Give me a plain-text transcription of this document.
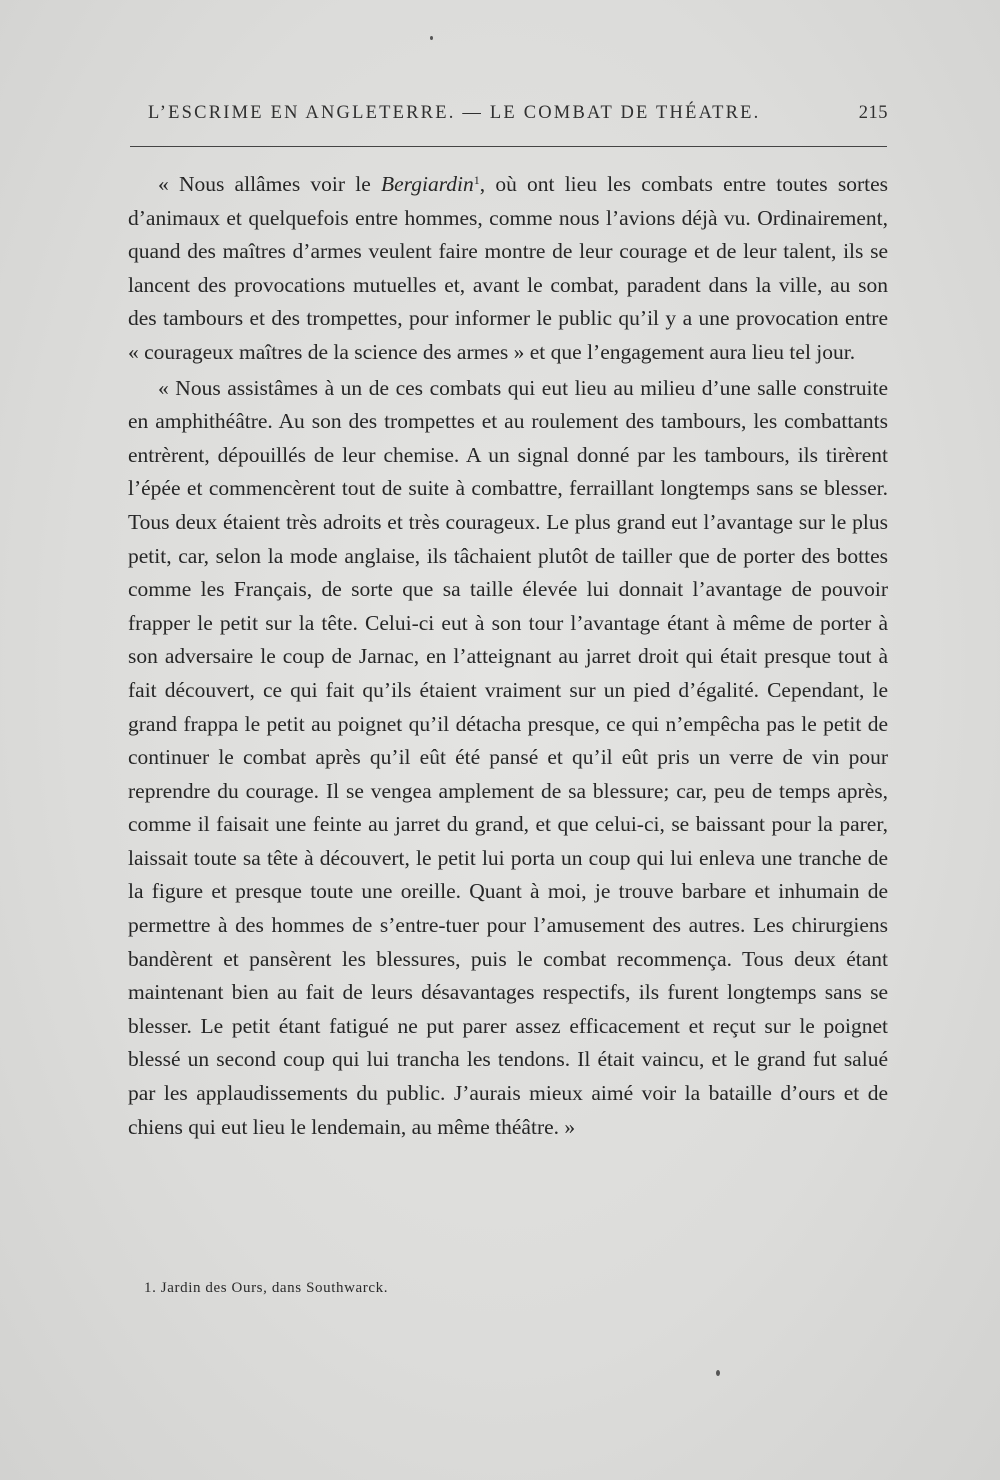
L’ESCRIME EN ANGLETERRE. — LE COMBAT DE THÉATRE.	215

« Nous allâmes voir le Bergiardin$^1$, où ont lieu les combats entre toutes sortes d’animaux et quelquefois entre hommes, comme nous l’avions déjà vu. Ordinairement, quand des maîtres d’armes veulent faire montre de leur courage et de leur talent, ils se lancent des provocations mutuelles et, avant le combat, paradent dans la ville, au son des tambours et des trompettes, pour informer le public qu’il y a une provocation entre « courageux maîtres de la science des armes » et que l’engagement aura lieu tel jour.

« Nous assistâmes à un de ces combats qui eut lieu au milieu d’une salle construite en amphithéâtre. Au son des trompettes et au roulement des tambours, les combattants entrèrent, dépouillés de leur chemise. A un signal donné par les tambours, ils tirèrent l’épée et commencèrent tout de suite à combattre, ferraillant longtemps sans se blesser. Tous deux étaient très adroits et très courageux. Le plus grand eut l’avantage sur le plus petit, car, selon la mode anglaise, ils tâchaient plutôt de tailler que de porter des bottes comme les Français, de sorte que sa taille élevée lui donnait l’avantage de pouvoir frapper le petit sur la tête. Celui-ci eut à son tour l’avantage étant à même de porter à son adversaire le coup de Jarnac, en l’atteignant au jarret droit qui était presque tout à fait découvert, ce qui fait qu’ils étaient vraiment sur un pied d’égalité. Cependant, le grand frappa le petit au poignet qu’il détacha presque, ce qui n’empêcha pas le petit de continuer le combat après qu’il eût été pansé et qu’il eût pris un verre de vin pour reprendre du courage. Il se vengea amplement de sa blessure; car, peu de temps après, comme il faisait une feinte au jarret du grand, et que celui-ci, se baissant pour la parer, laissait toute sa tête à découvert, le petit lui porta un coup qui lui enleva une tranche de la figure et presque toute une oreille. Quant à moi, je trouve barbare et inhumain de permettre à des hommes de s’entre-tuer pour l’amusement des autres. Les chirurgiens bandèrent et pansèrent les blessures, puis le combat recommença. Tous deux étant maintenant bien au fait de leurs désavantages respectifs, ils furent longtemps sans se blesser. Le petit étant fatigué ne put parer assez efficacement et reçut sur le poignet blessé un second coup qui lui trancha les tendons. Il était vaincu, et le grand fut salué par les applaudissements du public. J’aurais mieux aimé voir la bataille d’ours et de chiens qui eut lieu le lendemain, au même théâtre. »

1. Jardin des Ours, dans Southwarck.
